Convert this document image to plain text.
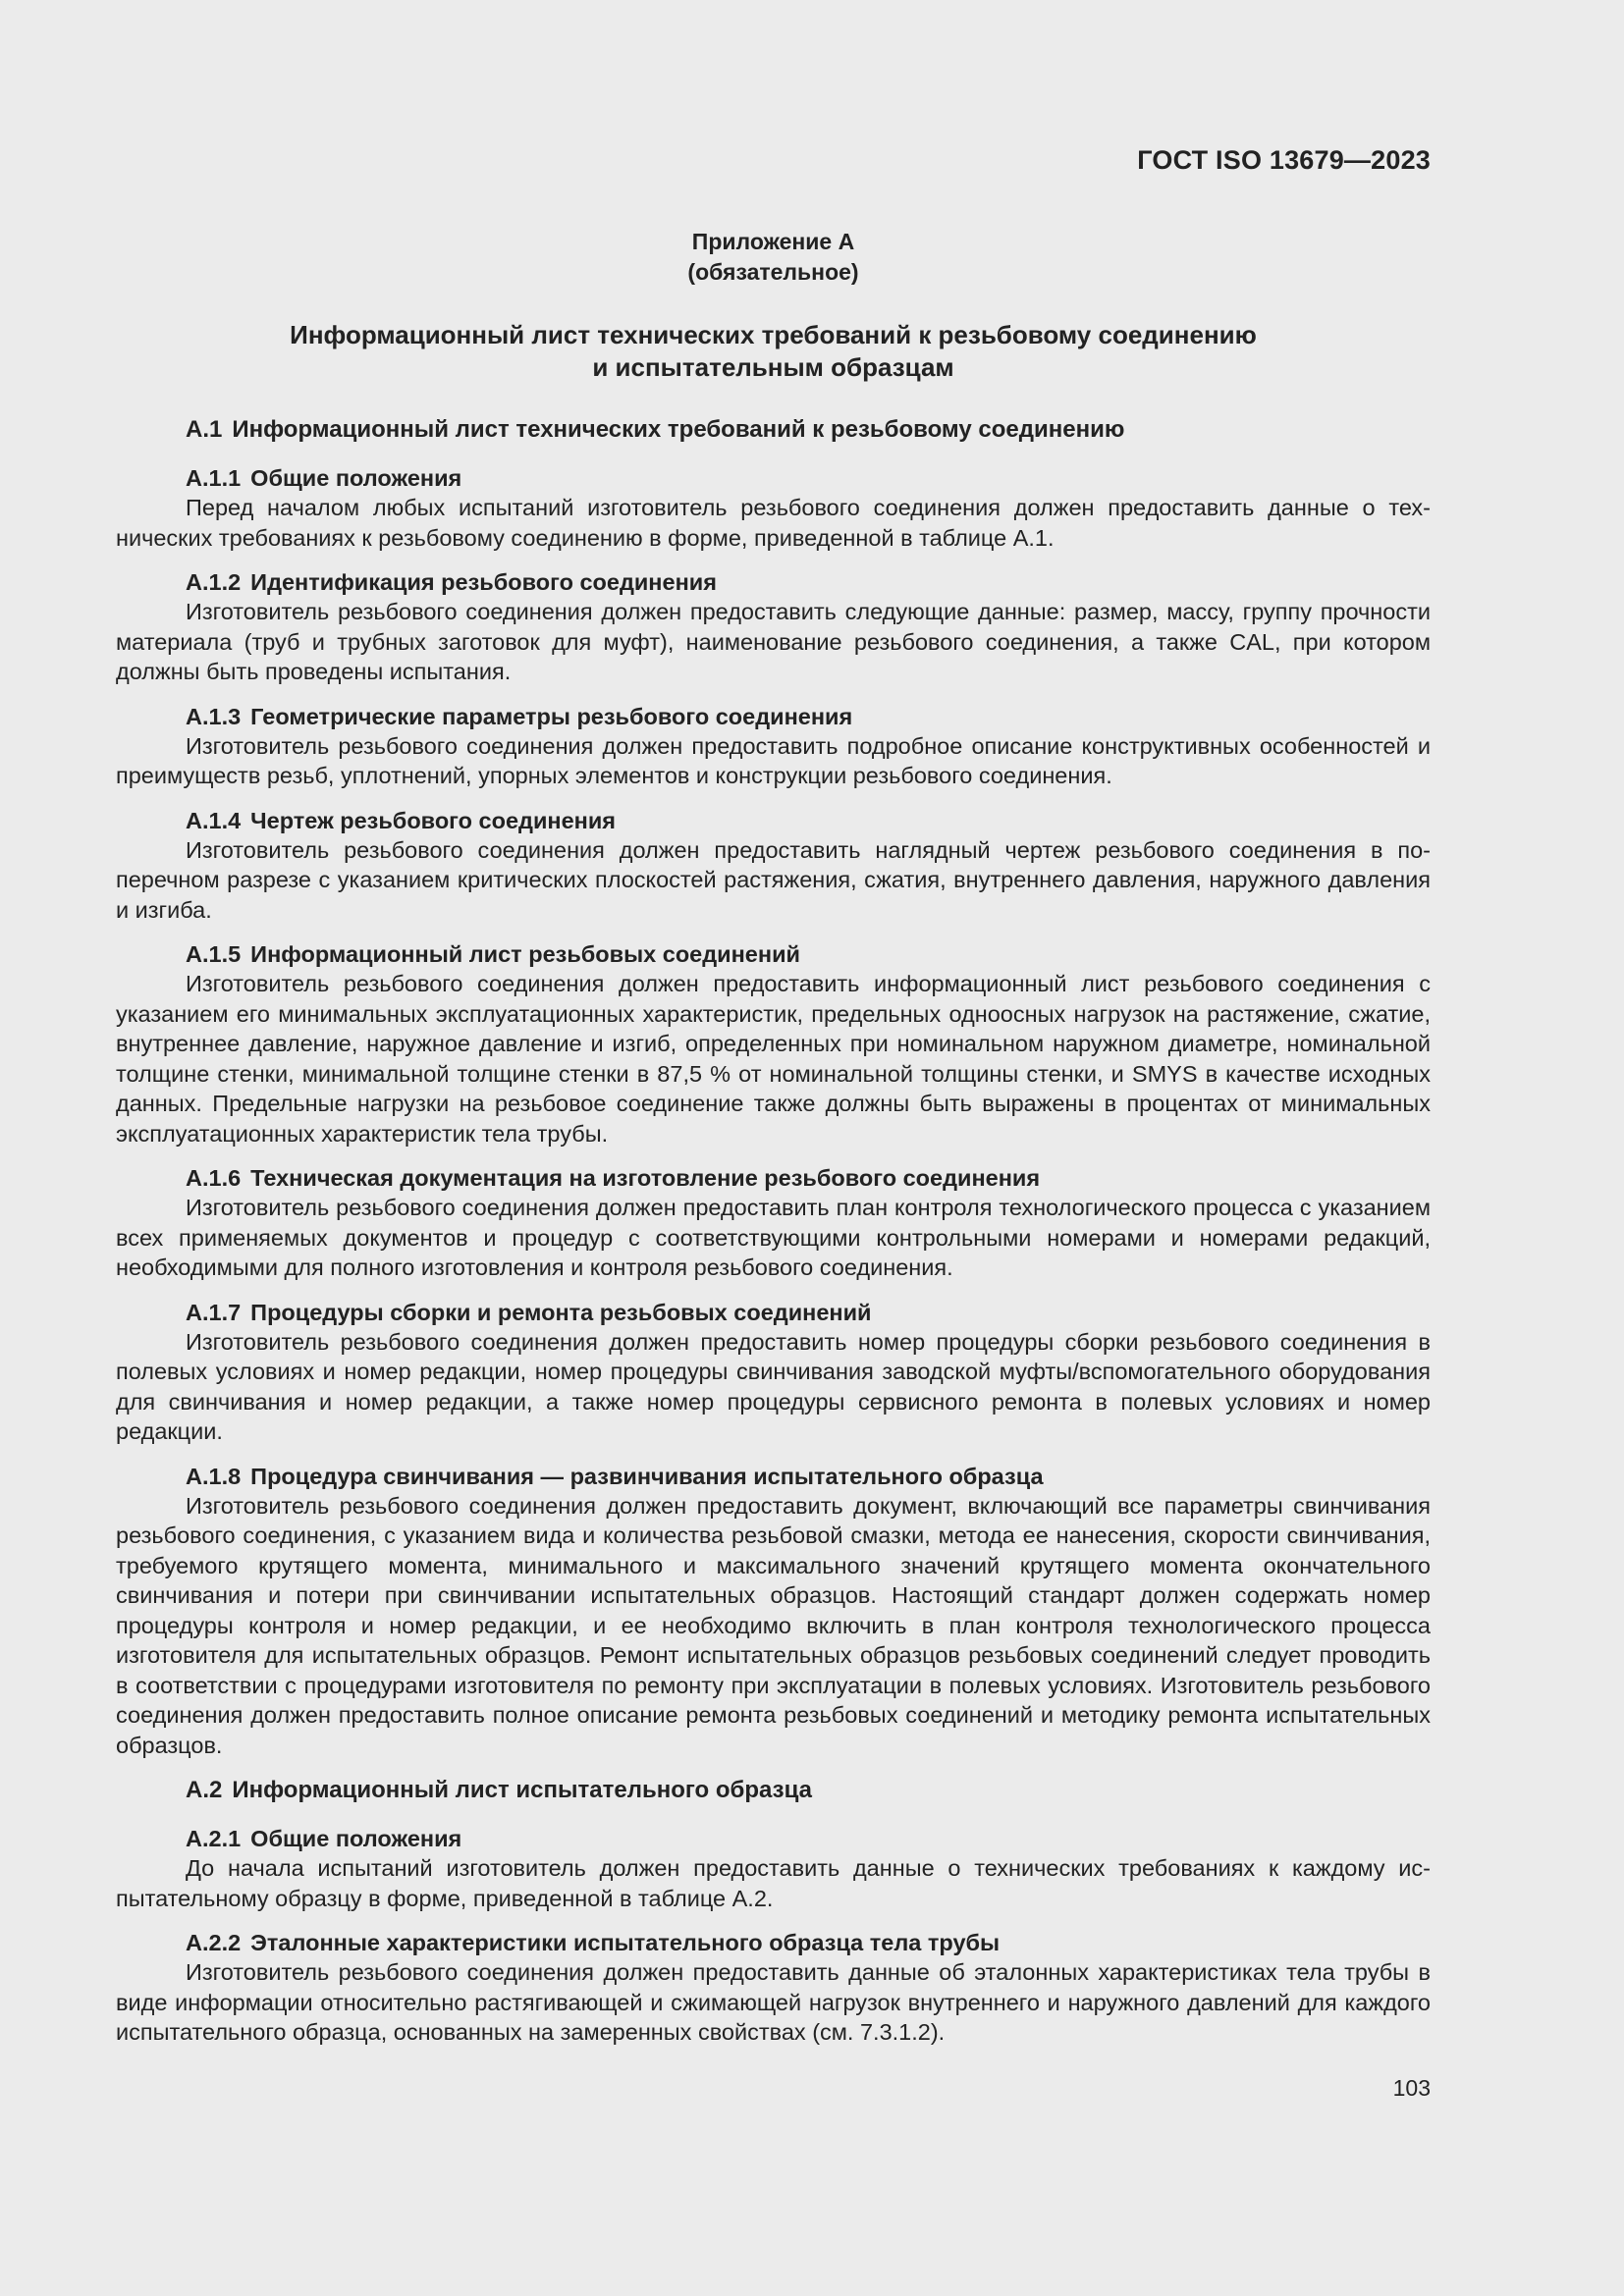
ГОСТ ISO 13679—2023
Приложение А
(обязательное)
Информационный лист технических требований к резьбовому соединению
и испытательным образцам
А.1 Информационный лист технических требований к резьбовому соединению
А.1.1 Общие положения

Перед началом любых испытаний изготовитель резьбового соединения должен предоставить данные о технических требованиях к резьбовому соединению в форме, приведенной в таблице А.1.

А.1.2 Идентификация резьбового соединения

Изготовитель резьбового соединения должен предоставить следующие данные: размер, массу, группу прочности материала (труб и трубных заготовок для муфт), наименование резьбового соединения, а также CAL, при котором должны быть проведены испытания.

А.1.3 Геометрические параметры резьбового соединения

Изготовитель резьбового соединения должен предоставить подробное описание конструктивных особенностей и преимуществ резьб, уплотнений, упорных элементов и конструкции резьбового соединения.

А.1.4 Чертеж резьбового соединения

Изготовитель резьбового соединения должен предоставить наглядный чертеж резьбового соединения в поперечном разрезе с указанием критических плоскостей растяжения, сжатия, внутреннего давления, наружного давления и изгиба.

А.1.5 Информационный лист резьбовых соединений

Изготовитель резьбового соединения должен предоставить информационный лист резьбового соединения с указанием его минимальных эксплуатационных характеристик, предельных одноосных нагрузок на растяжение, сжатие, внутреннее давление, наружное давление и изгиб, определенных при номинальном наружном диаметре, номинальной толщине стенки, минимальной толщине стенки в 87,5 % от номинальной толщины стенки, и SMYS в качестве исходных данных. Предельные нагрузки на резьбовое соединение также должны быть выражены в процентах от минимальных эксплуатационных характеристик тела трубы.

А.1.6 Техническая документация на изготовление резьбового соединения

Изготовитель резьбового соединения должен предоставить план контроля технологического процесса с указанием всех применяемых документов и процедур с соответствующими контрольными номерами и номерами редакций, необходимыми для полного изготовления и контроля резьбового соединения.

А.1.7 Процедуры сборки и ремонта резьбовых соединений

Изготовитель резьбового соединения должен предоставить номер процедуры сборки резьбового соединения в полевых условиях и номер редакции, номер процедуры свинчивания заводской муфты/вспомогательного оборудования для свинчивания и номер редакции, а также номер процедуры сервисного ремонта в полевых условиях и номер редакции.

А.1.8 Процедура свинчивания — развинчивания испытательного образца

Изготовитель резьбового соединения должен предоставить документ, включающий все параметры свинчивания резьбового соединения, с указанием вида и количества резьбовой смазки, метода ее нанесения, скорости свинчивания, требуемого крутящего момента, минимального и максимального значений крутящего момента окончательного свинчивания и потери при свинчивании испытательных образцов. Настоящий стандарт должен содержать номер процедуры контроля и номер редакции, и ее необходимо включить в план контроля технологического процесса изготовителя для испытательных образцов. Ремонт испытательных образцов резьбовых соединений следует проводить в соответствии с процедурами изготовителя по ремонту при эксплуатации в полевых условиях. Изготовитель резьбового соединения должен предоставить полное описание ремонта резьбовых соединений и методику ремонта испытательных образцов.

А.2 Информационный лист испытательного образца
А.2.1 Общие положения

До начала испытаний изготовитель должен предоставить данные о технических требованиях к каждому испытательному образцу в форме, приведенной в таблице А.2.

А.2.2 Эталонные характеристики испытательного образца тела трубы

Изготовитель резьбового соединения должен предоставить данные об эталонных характеристиках тела трубы в виде информации относительно растягивающей и сжимающей нагрузок внутреннего и наружного давлений для каждого испытательного образца, основанных на замеренных свойствах (см. 7.3.1.2).

103
